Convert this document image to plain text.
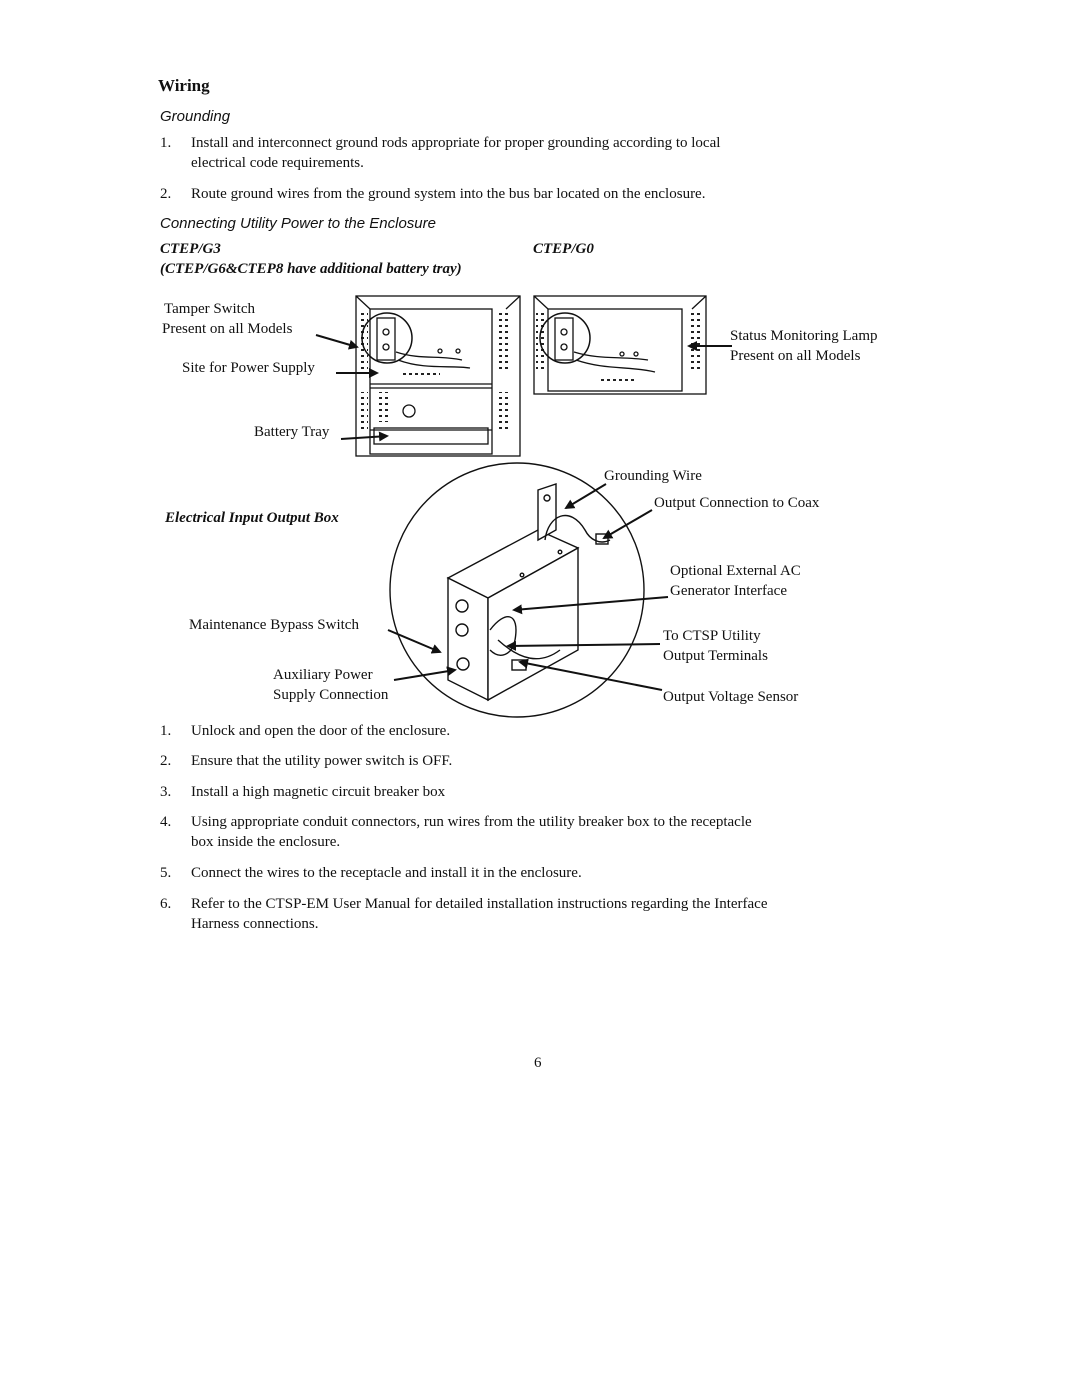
Wiring
Grounding
1. Install and interconnect ground rods appropriate for proper grounding according to local
electrical code requirements.
2. Route ground wires from the ground system into the bus bar located on the enclosure.
Connecting Utility Power to the Enclosure
CTEP/G3	CTEP/G0
(CTEP/G6&CTEP8 have additional battery tray)
Tamper Switch
Present on all Models
Site for Power Supply
Battery Tray
Status Monitoring Lamp
Present on all Models
Grounding Wire
Output Connection to Coax
Electrical Input Output Box
Optional External AC
Generator Interface
Maintenance Bypass Switch
To CTSP Utility
Output Terminals
Auxiliary Power
Supply Connection	Output Voltage Sensor
1. Unlock and open the door of the enclosure.
2. Ensure that the utility power switch is OFF.
3. Install a high magnetic circuit breaker box
4. Using appropriate conduit connectors, run wires from the utility breaker box to the receptacle
box inside the enclosure.
5. Connect the wires to the receptacle and install it in the enclosure.
6. Refer to the CTSP-EM User Manual for detailed installation instructions regarding the Interface
Harness connections.
6
